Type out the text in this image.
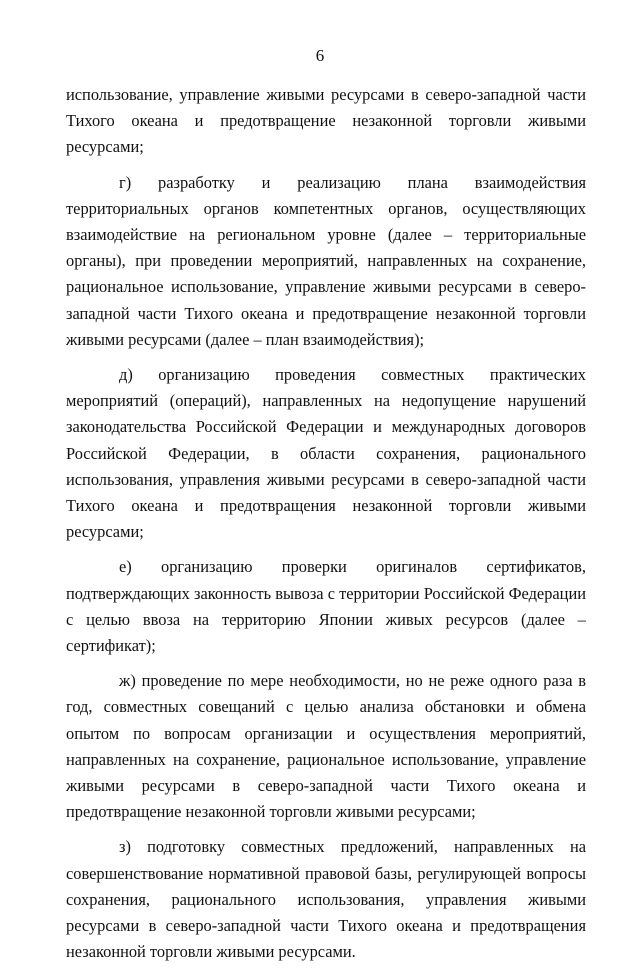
6

использование, управление живыми ресурсами в северо-западной части Тихого океана и предотвращение незаконной торговли живыми ресурсами;

г) разработку и реализацию плана взаимодействия территориальных органов компетентных органов, осуществляющих взаимодействие на региональном уровне (далее – территориальные органы), при проведении мероприятий, направленных на сохранение, рациональное использование, управление живыми ресурсами в северо-западной части Тихого океана и предотвращение незаконной торговли живыми ресурсами (далее – план взаимодействия);

д) организацию проведения совместных практических мероприятий (операций), направленных на недопущение нарушений законодательства Российской Федерации и международных договоров Российской Федерации, в области сохранения, рационального использования, управления живыми ресурсами в северо-западной части Тихого океана и предотвращения незаконной торговли живыми ресурсами;

е) организацию проверки оригиналов сертификатов, подтверждающих законность вывоза с территории Российской Федерации с целью ввоза на территорию Японии живых ресурсов (далее – сертификат);

ж) проведение по мере необходимости, но не реже одного раза в год, совместных совещаний с целью анализа обстановки и обмена опытом по вопросам организации и осуществления мероприятий, направленных на сохранение, рациональное использование, управление живыми ресурсами в северо-западной части Тихого океана и предотвращение незаконной торговли живыми ресурсами;

з) подготовку совместных предложений, направленных на совершенствование нормативной правовой базы, регулирующей вопросы сохранения, рационального использования, управления живыми ресурсами в северо-западной части Тихого океана и предотвращения незаконной торговли живыми ресурсами.
